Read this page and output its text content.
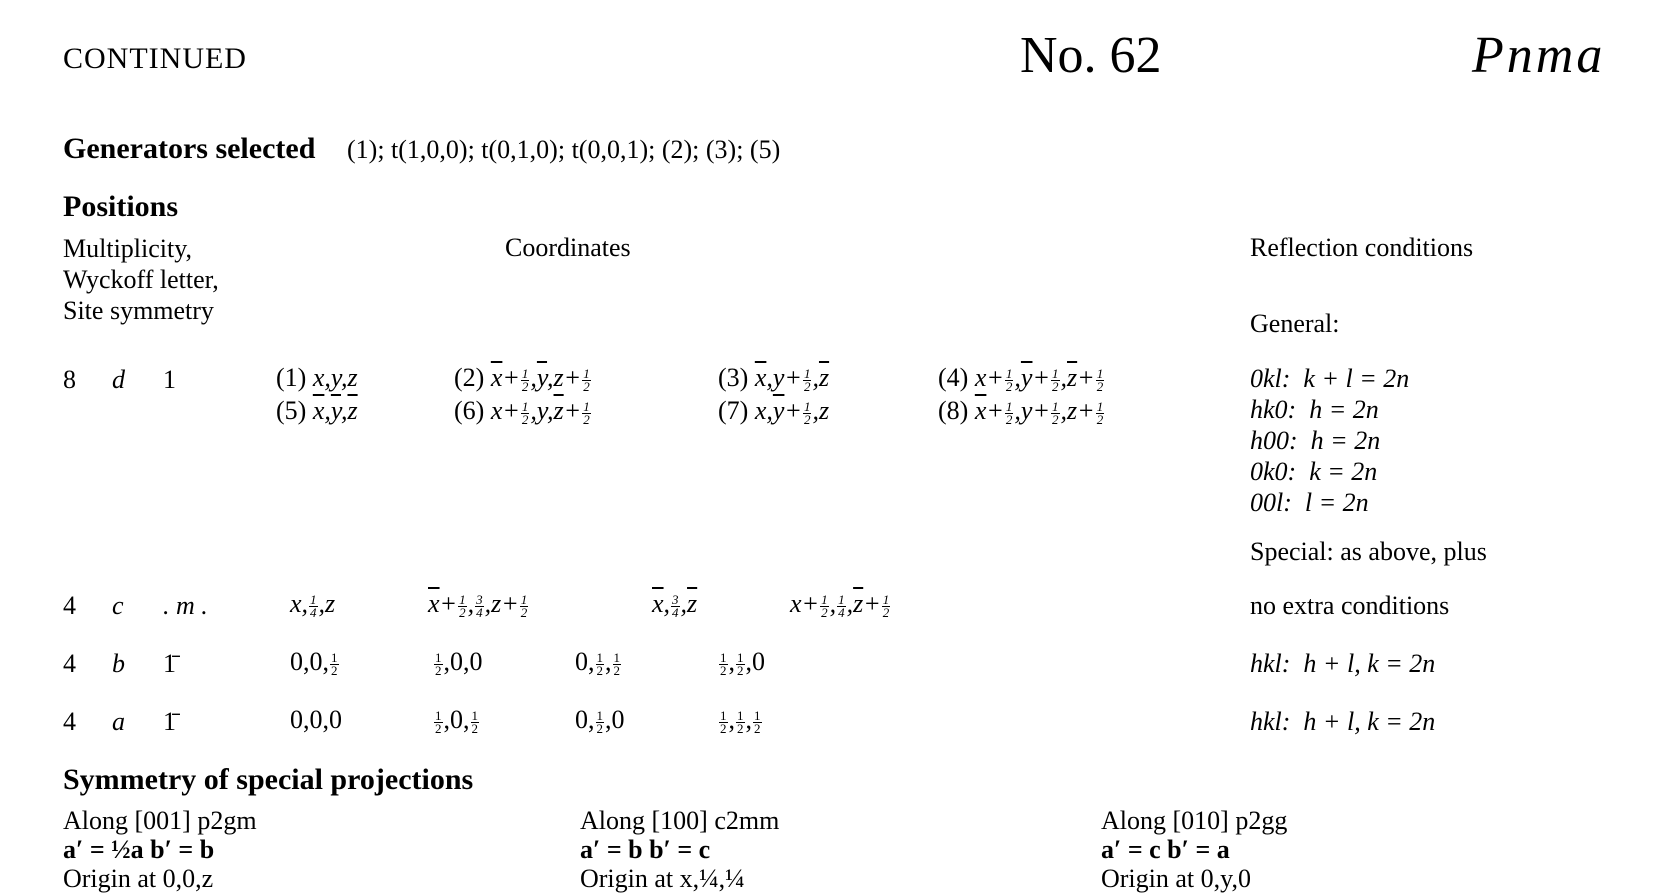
CONTINUED	No. 62	Pnma
Generators selected (1); t(1,0,0); t(0,1,0); t(0,0,1); (2); (3); (5)
Positions
Multiplicity,
Wyckoff letter,
Site symmetry
Coordinates	Reflection conditions
General:
8 d 1	(1) x,y,z	(2) $\overline{x}+ \frac{1}{2} ,\overline{y},z+ \frac{1}{2}$	(3) $\overline{x},y+ \frac{1}{2} ,\overline{z}$	(4) $x+ \frac{1}{2} ,\overline{y}+ \frac{1}{2} ,\overline{z}+ \frac{1}{2}$
(5) $\overline{x},\overline{y},\overline{z}$	(6) $x+ \frac{1}{2} ,y,\overline{z}+ \frac{1}{2}$	(7) $x,\overline{y}+ \frac{1}{2} ,z$	(8) $\overline{x}+ \frac{1}{2} ,y+ \frac{1}{2} ,z+ \frac{1}{2}$
0kl: k + l = 2n
hk0: h = 2n
h00: h = 2n
0k0: k = 2n
00l: l = 2n
Special: as above, plus
4 c . m .	x, $\frac{1}{4} ,z$	$\overline{x}+ \frac{1}{2}$ , $\frac{3}{4} ,z+ \frac{1}{2}$	$\overline{x}$, $\frac{3}{4} ,\overline{z}$	$x+ \frac{1}{2}$ , $\frac{1}{4} ,\overline{z}+ \frac{1}{2}$	no extra conditions
4 b 1̄	0,0, $\frac{1}{2}$	$\frac{1}{2} ,0,0$	0, $\frac{1}{2}$ , $\frac{1}{2}$	$\frac{1}{2}$ , $\frac{1}{2} ,0$	hkl: h + l, k = 2n
4 a 1̄	0,0,0	$\frac{1}{2} ,0$, $\frac{1}{2}$	0, $\frac{1}{2} ,0$	$\frac{1}{2}$ , $\frac{1}{2}$ , $\frac{1}{2}$	hkl: h + l, k = 2n
Symmetry of special projections
Along [001] p2gm
a′ = ½a b′ = b
Origin at 0,0,z
Along [100] c2mm
a′ = b b′ = c
Origin at x,¼,¼
Along [010] p2gg
a′ = c b′ = a
Origin at 0,y,0
